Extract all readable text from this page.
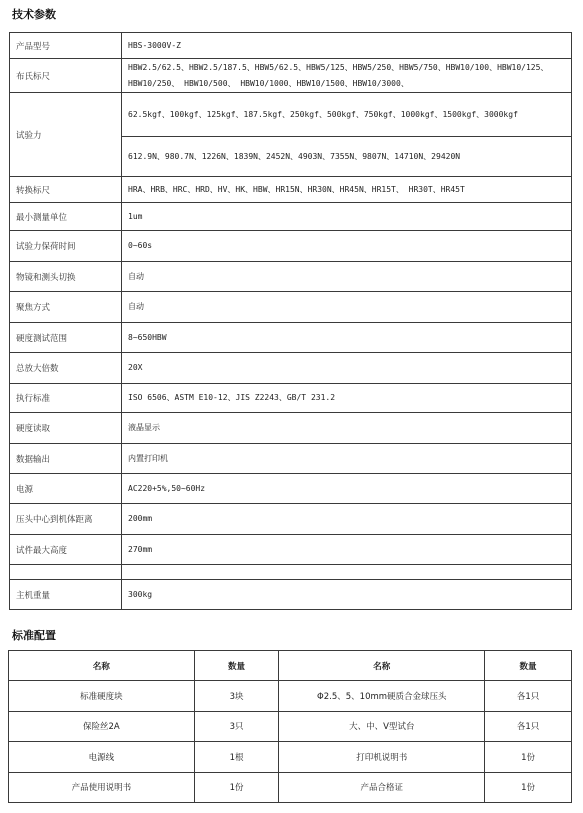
技术参数
产品型号	HBS-3000V-Z
布氏标尺	HBW2.5/62.5、HBW2.5/187.5、HBW5/62.5、HBW5/125、HBW5/250、HBW5/750、HBW10/100、HBW10/125、HBW10/250、 HBW10/500、 HBW10/1000、HBW10/1500、HBW10/3000、
试验力	62.5kgf、100kgf、125kgf、187.5kgf、250kgf、500kgf、750kgf、1000kgf、1500kgf、3000kgf
	612.9N、980.7N、1226N、1839N、2452N、4903N、7355N、9807N、14710N、29420N
转换标尺	HRA、HRB、HRC、HRD、HV、HK、HBW、HR15N、HR30N、HR45N、HR15T、 HR30T、HR45T
最小测量单位	1um
试验力保荷时间	0~60s
物镜和测头切换	自动
聚焦方式	自动
硬度测试范围	8~650HBW
总放大倍数	20X
执行标准	ISO 6506、ASTM E10-12、JIS Z2243、GB/T 231.2
硬度读取	液晶显示
数据输出	内置打印机
电源	AC220+5%,50~60Hz
压头中心到机体距离	200mm
试件最大高度	270mm

主机重量	300kg
标准配置
名称	数量	名称	数量
标准硬度块	3块	Φ2.5、5、10mm硬质合金球压头	各1只
保险丝2A	3只	大、中、V型试台	各1只
电源线	1根	打印机说明书	1份
产品使用说明书	1份	产品合格证	1份
